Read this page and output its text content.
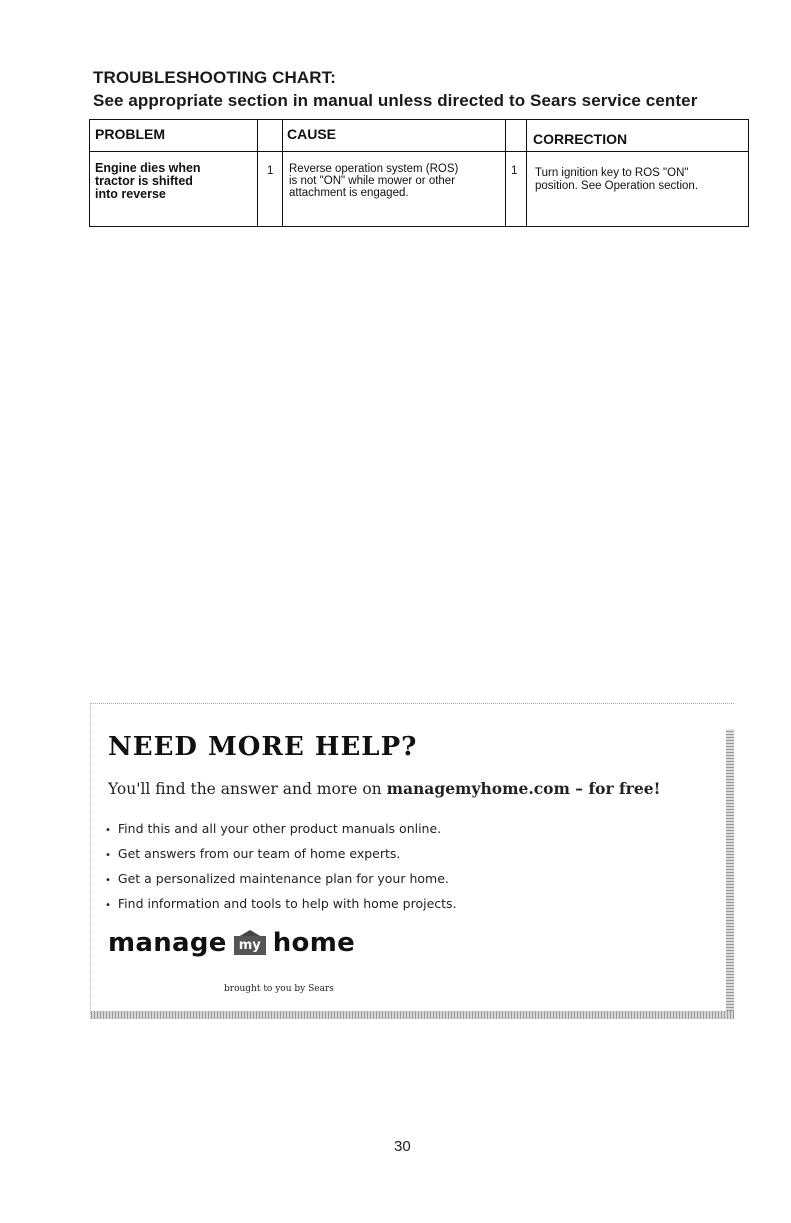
TROUBLESHOOTING CHART:
See appropriate section in manual unless directed to Sears service center
PROBLEM	CAUSE	CORRECTION
Engine dies when
tractor is shifted
into reverse
1 Reverse operation system (ROS)
is not "ON" while mower or other
attachment is engaged.
1 Turn ignition key to ROS "ON"
position. See Operation section.
NEED MORE HELP?
You'll find the answer and more on managemyhome.com – for free!
• Find this and all your other product manuals online.
• Get answers from our team of home experts.
• Get a personalized maintenance plan for your home.
• Find information and tools to help with home projects.
manage my home
brought to you by Sears
30
